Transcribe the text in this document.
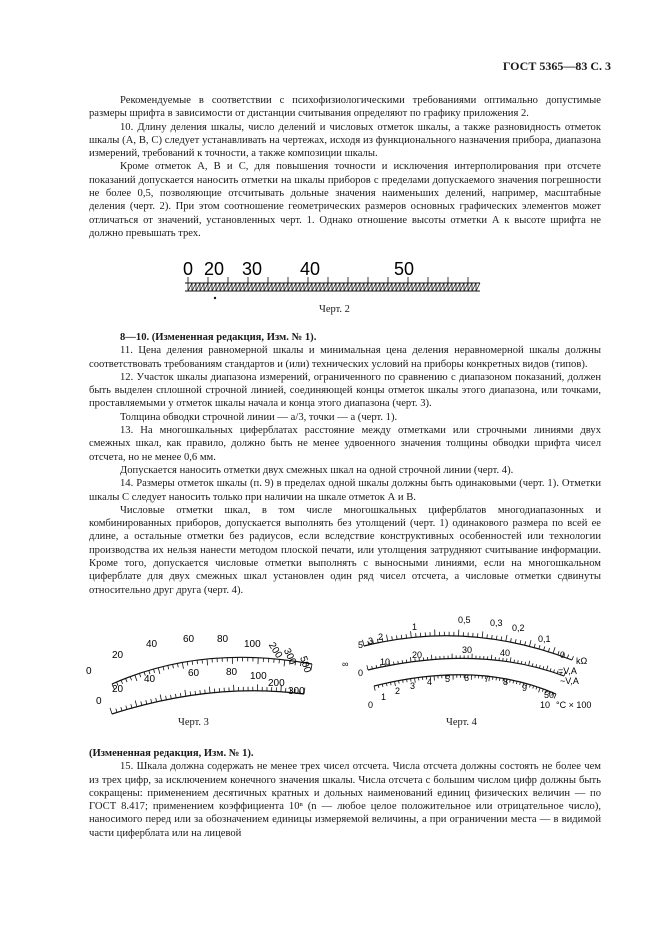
ГОСТ 5365—83 С. 3

Рекомендуемые в соответствии с психофизиологическими требованиями оптимально допустимые размеры шрифта в зависимости от дистанции считывания определяют по графику приложения 2.

10. Длину деления шкалы, число делений и числовых отметок шкалы, а также разновидность отметок шкалы (А, В, С) следует устанавливать на чертежах, исходя из функционального назначения прибора, диапазона измерений, требований к точности, а также композиции шкалы.

Кроме отметок А, В и С, для повышения точности и исключения интерполирования при отсчете показаний допускается наносить отметки на шкалы приборов с пределами допускаемого значения погрешности не более 0,5, позволяющие отсчитывать дольные значения наименьших делений, например, масштабные деления (черт. 2). При этом соотношение геометрических размеров основных графических элементов может отличаться от значений, установленных черт. 1. Однако отношение высоты отметки А к высоте шрифта не должно превышать трех.

0 20 30 40	50
Черт. 2

8—10. (Измененная редакция, Изм. № 1).

11. Цена деления равномерной шкалы и минимальная цена деления неравномерной шкалы должны соответствовать требованиям стандартов и (или) технических условий на приборы конкретных видов (типов).

12. Участок шкалы диапазона измерений, ограниченного по сравнению с диапазоном показаний, должен быть выделен сплошной строчной линией, соединяющей концы отметок шкалы этого диапазона, или точками, проставляемыми у отметок шкалы начала и конца этого диапазона (черт. 3).

Толщина обводки строчной линии — a/3, точки — a (черт. 1).

13. На многошкальных циферблатах расстояние между отметками или строчными линиями двух смежных шкал, как правило, должно быть не менее удвоенного значения толщины обводки шрифта чисел отсчета, но не менее 0,6 мм.

Допускается наносить отметки двух смежных шкал на одной строчной линии (черт. 4).

14. Размеры отметок шкалы (п. 9) в пределах одной шкалы должны быть одинаковыми (черт. 1). Отметки шкалы С следует наносить только при наличии на шкале отметок А и В.

Числовые отметки шкал, в том числе многошкальных циферблатов многодиапазонных и комбинированных приборов, допускается выполнять без утолщений (черт. 1) одинакового размера по всей ее длине, а остальные отметки без радиусов, если вследствие конструктивных особенностей или технологии производства их нельзя нанести методом плоской печати, или утолщения затрудняют считывание информации. Кроме того, допускается числовые отметки выполнять с выносными линиями, если на многошкальном циферблате для двух смежных шкал установлен один ряд чисел отсчета, а числовые отметки сдвинуты относительно друг друга (черт. 4).

0
20
40	60 80 100 200
300 500
0
20
40
60	80 100
200
300
Черт. 3
∞
5 3 2
1
0,5 0,3 0,2
0,1
0
kΩ
0
10
20	30	40
50
=V,A
~V,A
0
1
2 3 4 5 6 7 8
9
10 °C × 100
Черт. 4

(Измененная редакция, Изм. № 1).

15. Шкала должна содержать не менее трех чисел отсчета. Числа отсчета должны состоять не более чем из трех цифр, за исключением конечного значения шкалы. Числа отсчета с большим числом цифр должны быть сокращены: применением десятичных кратных и дольных наименований единиц физических величин — по ГОСТ 8.417; применением коэффициента 10ⁿ (n — любое целое положительное или отрицательное число), наносимого перед или за обозначением единицы измеряемой величины, а при ограничении места — в видимой части циферблата или на лицевой
